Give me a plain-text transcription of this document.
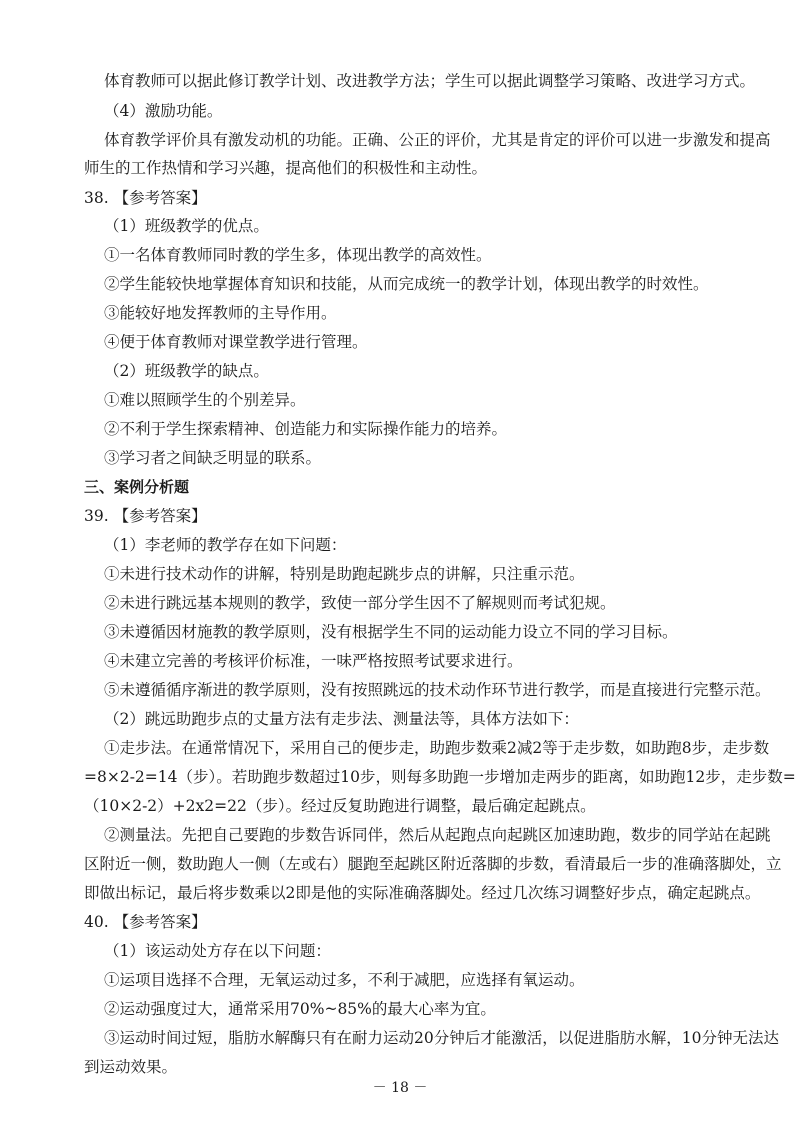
体育教师可以据此修订教学计划、改进教学方法；学生可以据此调整学习策略、改进学习方式。
（4）激励功能。
体育教学评价具有激发动机的功能。正确、公正的评价，尤其是肯定的评价可以进一步激发和提高
师生的工作热情和学习兴趣，提高他们的积极性和主动性。
38. 【参考答案】
（1）班级教学的优点。
①一名体育教师同时教的学生多，体现出教学的高效性。
②学生能较快地掌握体育知识和技能，从而完成统一的教学计划，体现出教学的时效性。
③能较好地发挥教师的主导作用。
④便于体育教师对课堂教学进行管理。
（2）班级教学的缺点。
①难以照顾学生的个别差异。
②不利于学生探索精神、创造能力和实际操作能力的培养。
③学习者之间缺乏明显的联系。
三、案例分析题
39. 【参考答案】
（1）李老师的教学存在如下问题：
①未进行技术动作的讲解，特别是助跑起跳步点的讲解，只注重示范。
②未进行跳远基本规则的教学，致使一部分学生因不了解规则而考试犯规。
③未遵循因材施教的教学原则，没有根据学生不同的运动能力设立不同的学习目标。
④未建立完善的考核评价标准，一味严格按照考试要求进行。
⑤未遵循循序渐进的教学原则，没有按照跳远的技术动作环节进行教学，而是直接进行完整示范。
（2）跳远助跑步点的丈量方法有走步法、测量法等，具体方法如下：
①走步法。在通常情况下，采用自己的便步走，助跑步数乘2减2等于走步数，如助跑8步，走步数
=8×2-2=14（步）。若助跑步数超过10步，则每多助跑一步增加走两步的距离，如助跑12步，走步数=
（10×2-2）+2x2=22（步）。经过反复助跑进行调整，最后确定起跳点。
②测量法。先把自己要跑的步数告诉同伴，然后从起跑点向起跳区加速助跑，数步的同学站在起跳
区附近一侧，数助跑人一侧（左或右）腿跑至起跳区附近落脚的步数，看清最后一步的准确落脚处，立
即做出标记，最后将步数乘以2即是他的实际准确落脚处。经过几次练习调整好步点，确定起跳点。
40. 【参考答案】
（1）该运动处方存在以下问题：
①运项目选择不合理，无氧运动过多，不利于减肥，应选择有氧运动。
②运动强度过大，通常采用70%~85%的最大心率为宜。
③运动时间过短，脂肪水解酶只有在耐力运动20分钟后才能激活，以促进脂肪水解，10分钟无法达
到运动效果。
－ 18 －
